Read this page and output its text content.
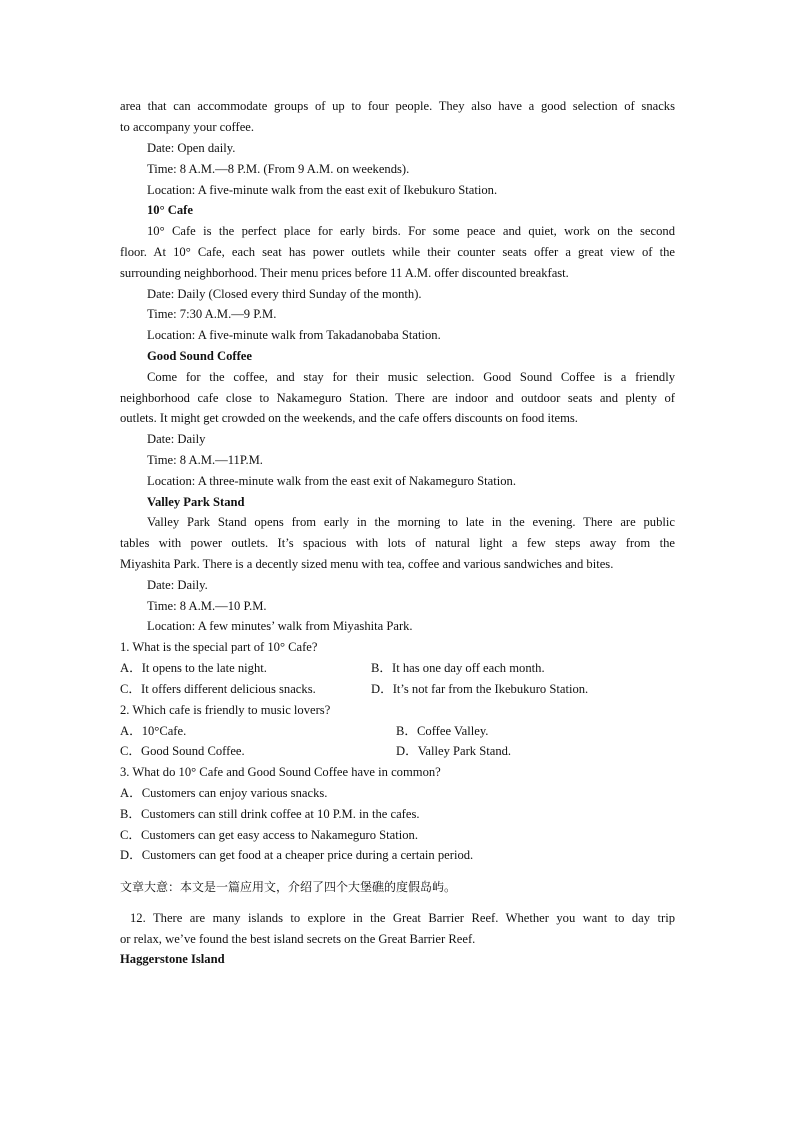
area that can accommodate groups of up to four people. They also have a good selection of snacks
to accompany your coffee.
Date: Open daily.
Time: 8 A.M.—8 P.M. (From 9 A.M. on weekends).
Location: A five-minute walk from the east exit of Ikebukuro Station.
10° Cafe
10° Cafe is the perfect place for early birds. For some peace and quiet, work on the second
floor. At 10° Cafe, each seat has power outlets while their counter seats offer a great view of the
surrounding neighborhood. Their menu prices before 11 A.M. offer discounted breakfast.
Date: Daily (Closed every third Sunday of the month).
Time: 7:30 A.M.—9 P.M.
Location: A five-minute walk from Takadanobaba Station.
Good Sound Coffee
Come for the coffee, and stay for their music selection. Good Sound Coffee is a friendly
neighborhood cafe close to Nakameguro Station. There are indoor and outdoor seats and plenty of
outlets. It might get crowded on the weekends, and the cafe offers discounts on food items.
Date: Daily
Time: 8 A.M.—11P.M.
Location: A three-minute walk from the east exit of Nakameguro Station.
Valley Park Stand
Valley Park Stand opens from early in the morning to late in the evening. There are public
tables with power outlets. It’s spacious with lots of natural light a few steps away from the
Miyashita Park. There is a decently sized menu with tea, coffee and various sandwiches and bites.
Date: Daily.
Time: 8 A.M.—10 P.M.
Location: A few minutes’ walk from Miyashita Park.
1. What is the special part of 10° Cafe?
A．It opens to the late night.	B．It has one day off each month.
C．It offers different delicious snacks.	D．It’s not far from the Ikebukuro Station.
2. Which cafe is friendly to music lovers?
A．10°Cafe.	B．Coffee Valley.
C．Good Sound Coffee.	D．Valley Park Stand.
3. What do 10° Cafe and Good Sound Coffee have in common?
A．Customers can enjoy various snacks.
B．Customers can still drink coffee at 10 P.M. in the cafes.
C．Customers can get easy access to Nakameguro Station.
D．Customers can get food at a cheaper price during a certain period.
文章大意：本文是一篇应用文，介绍了四个大堡礁的度假岛屿。
12. There are many islands to explore in the Great Barrier Reef. Whether you want to day trip
or relax, we’ve found the best island secrets on the Great Barrier Reef.
Haggerstone Island
